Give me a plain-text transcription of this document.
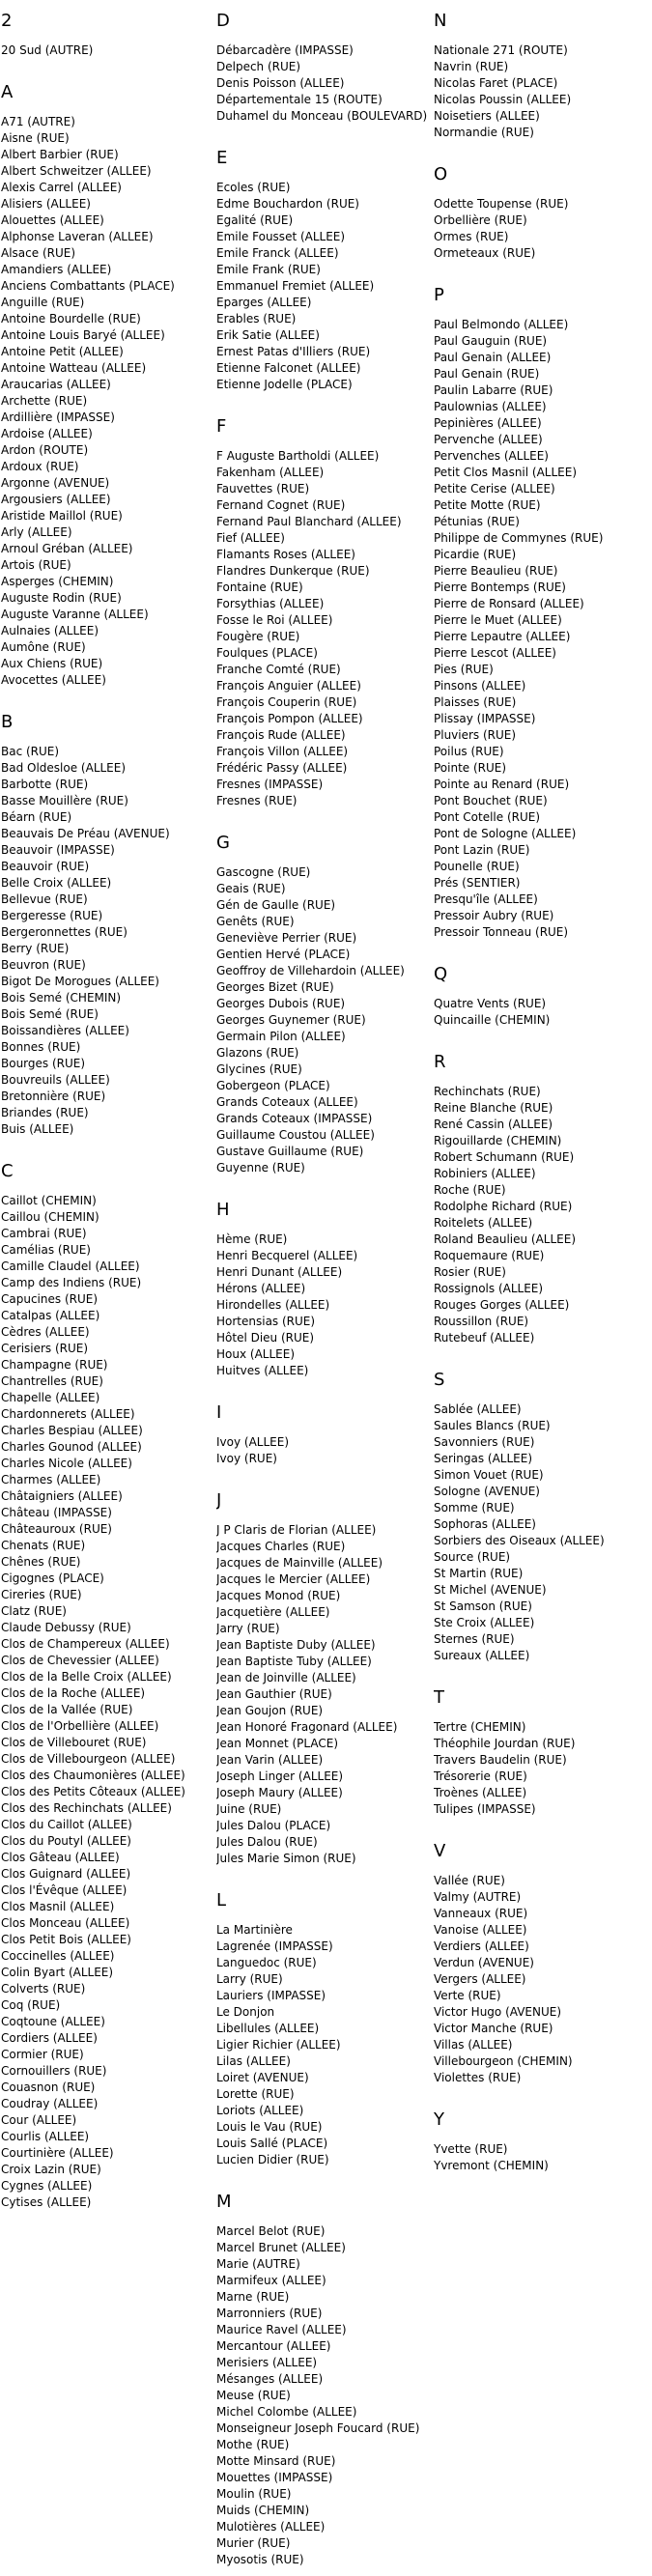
2
20 Sud (AUTRE)
A
A71 (AUTRE)
Aisne (RUE)
Albert Barbier (RUE)
Albert Schweitzer (ALLEE)
Alexis Carrel (ALLEE)
Alisiers (ALLEE)
Alouettes (ALLEE)
Alphonse Laveran (ALLEE)
Alsace (RUE)
Amandiers (ALLEE)
Anciens Combattants (PLACE)
Anguille (RUE)
Antoine Bourdelle (RUE)
Antoine Louis Baryé (ALLEE)
Antoine Petit (ALLEE)
Antoine Watteau (ALLEE)
Araucarias (ALLEE)
Archette (RUE)
Ardillière (IMPASSE)
Ardoise (ALLEE)
Ardon (ROUTE)
Ardoux (RUE)
Argonne (AVENUE)
Argousiers (ALLEE)
Aristide Maillol (RUE)
Arly (ALLEE)
Arnoul Gréban (ALLEE)
Artois (RUE)
Asperges (CHEMIN)
Auguste Rodin (RUE)
Auguste Varanne (ALLEE)
Aulnaies (ALLEE)
Aumône (RUE)
Aux Chiens (RUE)
Avocettes (ALLEE)
B
Bac (RUE)
Bad Oldesloe (ALLEE)
Barbotte (RUE)
Basse Mouillère (RUE)
Béarn (RUE)
Beauvais De Préau (AVENUE)
Beauvoir (IMPASSE)
Beauvoir (RUE)
Belle Croix (ALLEE)
Bellevue (RUE)
Bergeresse (RUE)
Bergeronnettes (RUE)
Berry (RUE)
Beuvron (RUE)
Bigot De Morogues (ALLEE)
Bois Semé (CHEMIN)
Bois Semé (RUE)
Boissandières (ALLEE)
Bonnes (RUE)
Bourges (RUE)
Bouvreuils (ALLEE)
Bretonnière (RUE)
Briandes (RUE)
Buis (ALLEE)
C
Caillot (CHEMIN)
Caillou (CHEMIN)
Cambrai (RUE)
Camélias (RUE)
Camille Claudel (ALLEE)
Camp des Indiens (RUE)
Capucines (RUE)
Catalpas (ALLEE)
Cèdres (ALLEE)
Cerisiers (RUE)
Champagne (RUE)
Chantrelles (RUE)
Chapelle (ALLEE)
Chardonnerets (ALLEE)
Charles Bespiau (ALLEE)
Charles Gounod (ALLEE)
Charles Nicole (ALLEE)
Charmes (ALLEE)
Châtaigniers (ALLEE)
Château (IMPASSE)
Châteauroux (RUE)
Chenats (RUE)
Chênes (RUE)
Cigognes (PLACE)
Cireries (RUE)
Clatz (RUE)
Claude Debussy (RUE)
Clos de Champereux (ALLEE)
Clos de Chevessier (ALLEE)
Clos de la Belle Croix (ALLEE)
Clos de la Roche (ALLEE)
Clos de la Vallée (RUE)
Clos de l'Orbellière (ALLEE)
Clos de Villebouret (RUE)
Clos de Villebourgeon (ALLEE)
Clos des Chaumonières (ALLEE)
Clos des Petits Côteaux (ALLEE)
Clos des Rechinchats (ALLEE)
Clos du Caillot (ALLEE)
Clos du Poutyl (ALLEE)
Clos Gâteau (ALLEE)
Clos Guignard (ALLEE)
Clos l'Évêque (ALLEE)
Clos Masnil (ALLEE)
Clos Monceau (ALLEE)
Clos Petit Bois (ALLEE)
Coccinelles (ALLEE)
Colin Byart (ALLEE)
Colverts (RUE)
Coq (RUE)
Coqtoune (ALLEE)
Cordiers (ALLEE)
Cormier (RUE)
Cornouillers (RUE)
Couasnon (RUE)
Coudray (ALLEE)
Cour (ALLEE)
Courlis (ALLEE)
Courtinière (ALLEE)
Croix Lazin (RUE)
Cygnes (ALLEE)
Cytises (ALLEE)
D
Débarcadère (IMPASSE)
Delpech (RUE)
Denis Poisson (ALLEE)
Départementale 15 (ROUTE)
Duhamel du Monceau (BOULEVARD)
E
Ecoles (RUE)
Edme Bouchardon (RUE)
Egalité (RUE)
Emile Fousset (ALLEE)
Emile Franck (ALLEE)
Emile Frank (RUE)
Emmanuel Fremiet (ALLEE)
Eparges (ALLEE)
Erables (RUE)
Erik Satie (ALLEE)
Ernest Patas d'Illiers (RUE)
Etienne Falconet (ALLEE)
Etienne Jodelle (PLACE)
F
F Auguste Bartholdi (ALLEE)
Fakenham (ALLEE)
Fauvettes (RUE)
Fernand Cognet (RUE)
Fernand Paul Blanchard (ALLEE)
Fief (ALLEE)
Flamants Roses (ALLEE)
Flandres Dunkerque (RUE)
Fontaine (RUE)
Forsythias (ALLEE)
Fosse le Roi (ALLEE)
Fougère (RUE)
Foulques (PLACE)
Franche Comté (RUE)
François Anguier (ALLEE)
François Couperin (RUE)
François Pompon (ALLEE)
François Rude (ALLEE)
François Villon (ALLEE)
Frédéric Passy (ALLEE)
Fresnes (IMPASSE)
Fresnes (RUE)
G
Gascogne (RUE)
Geais (RUE)
Gén de Gaulle (RUE)
Genêts (RUE)
Geneviève Perrier (RUE)
Gentien Hervé (PLACE)
Geoffroy de Villehardoin (ALLEE)
Georges Bizet (RUE)
Georges Dubois (RUE)
Georges Guynemer (RUE)
Germain Pilon (ALLEE)
Glazons (RUE)
Glycines (RUE)
Gobergeon (PLACE)
Grands Coteaux (ALLEE)
Grands Coteaux (IMPASSE)
Guillaume Coustou (ALLEE)
Gustave Guillaume (RUE)
Guyenne (RUE)
H
Hème (RUE)
Henri Becquerel (ALLEE)
Henri Dunant (ALLEE)
Hérons (ALLEE)
Hirondelles (ALLEE)
Hortensias (RUE)
Hôtel Dieu (RUE)
Houx (ALLEE)
Huitves (ALLEE)
I
Ivoy (ALLEE)
Ivoy (RUE)
J
J P Claris de Florian (ALLEE)
Jacques Charles (RUE)
Jacques de Mainville (ALLEE)
Jacques le Mercier (ALLEE)
Jacques Monod (RUE)
Jacquetière (ALLEE)
Jarry (RUE)
Jean Baptiste Duby (ALLEE)
Jean Baptiste Tuby (ALLEE)
Jean de Joinville (ALLEE)
Jean Gauthier (RUE)
Jean Goujon (RUE)
Jean Honoré Fragonard (ALLEE)
Jean Monnet (PLACE)
Jean Varin (ALLEE)
Joseph Linger (ALLEE)
Joseph Maury (ALLEE)
Juine (RUE)
Jules Dalou (PLACE)
Jules Dalou (RUE)
Jules Marie Simon (RUE)
L
La Martinière
Lagrenée (IMPASSE)
Languedoc (RUE)
Larry (RUE)
Lauriers (IMPASSE)
Le Donjon
Libellules (ALLEE)
Ligier Richier (ALLEE)
Lilas (ALLEE)
Loiret (AVENUE)
Lorette (RUE)
Loriots (ALLEE)
Louis le Vau (RUE)
Louis Sallé (PLACE)
Lucien Didier (RUE)
M
Marcel Belot (RUE)
Marcel Brunet (ALLEE)
Marie (AUTRE)
Marmifeux (ALLEE)
Marne (RUE)
Marronniers (RUE)
Maurice Ravel (ALLEE)
Mercantour (ALLEE)
Merisiers (ALLEE)
Mésanges (ALLEE)
Meuse (RUE)
Michel Colombe (ALLEE)
Monseigneur Joseph Foucard (RUE)
Mothe (RUE)
Motte Minsard (RUE)
Mouettes (IMPASSE)
Moulin (RUE)
Muids (CHEMIN)
Mulotières (ALLEE)
Murier (RUE)
Myosotis (RUE)
N
Nationale 271 (ROUTE)
Navrin (RUE)
Nicolas Faret (PLACE)
Nicolas Poussin (ALLEE)
Noisetiers (ALLEE)
Normandie (RUE)
O
Odette Toupense (RUE)
Orbellière (RUE)
Ormes (RUE)
Ormeteaux (RUE)
P
Paul Belmondo (ALLEE)
Paul Gauguin (RUE)
Paul Genain (ALLEE)
Paul Genain (RUE)
Paulin Labarre (RUE)
Paulownias (ALLEE)
Pepinières (ALLEE)
Pervenche (ALLEE)
Pervenches (ALLEE)
Petit Clos Masnil (ALLEE)
Petite Cerise (ALLEE)
Petite Motte (RUE)
Pétunias (RUE)
Philippe de Commynes (RUE)
Picardie (RUE)
Pierre Beaulieu (RUE)
Pierre Bontemps (RUE)
Pierre de Ronsard (ALLEE)
Pierre le Muet (ALLEE)
Pierre Lepautre (ALLEE)
Pierre Lescot (ALLEE)
Pies (RUE)
Pinsons (ALLEE)
Plaisses (RUE)
Plissay (IMPASSE)
Pluviers (RUE)
Poilus (RUE)
Pointe (RUE)
Pointe au Renard (RUE)
Pont Bouchet (RUE)
Pont Cotelle (RUE)
Pont de Sologne (ALLEE)
Pont Lazin (RUE)
Pounelle (RUE)
Prés (SENTIER)
Presqu'île (ALLEE)
Pressoir Aubry (RUE)
Pressoir Tonneau (RUE)
Q
Quatre Vents (RUE)
Quincaille (CHEMIN)
R
Rechinchats (RUE)
Reine Blanche (RUE)
René Cassin (ALLEE)
Rigouillarde (CHEMIN)
Robert Schumann (RUE)
Robiniers (ALLEE)
Roche (RUE)
Rodolphe Richard (RUE)
Roitelets (ALLEE)
Roland Beaulieu (ALLEE)
Roquemaure (RUE)
Rosier (RUE)
Rossignols (ALLEE)
Rouges Gorges (ALLEE)
Roussillon (RUE)
Rutebeuf (ALLEE)
S
Sablée (ALLEE)
Saules Blancs (RUE)
Savonniers (RUE)
Seringas (ALLEE)
Simon Vouet (RUE)
Sologne (AVENUE)
Somme (RUE)
Sophoras (ALLEE)
Sorbiers des Oiseaux (ALLEE)
Source (RUE)
St Martin (RUE)
St Michel (AVENUE)
St Samson (RUE)
Ste Croix (ALLEE)
Sternes (RUE)
Sureaux (ALLEE)
T
Tertre (CHEMIN)
Théophile Jourdan (RUE)
Travers Baudelin (RUE)
Trésorerie (RUE)
Troènes (ALLEE)
Tulipes (IMPASSE)
V
Vallée (RUE)
Valmy (AUTRE)
Vanneaux (RUE)
Vanoise (ALLEE)
Verdiers (ALLEE)
Verdun (AVENUE)
Vergers (ALLEE)
Verte (RUE)
Victor Hugo (AVENUE)
Victor Manche (RUE)
Villas (ALLEE)
Villebourgeon (CHEMIN)
Violettes (RUE)
Y
Yvette (RUE)
Yvremont (CHEMIN)
